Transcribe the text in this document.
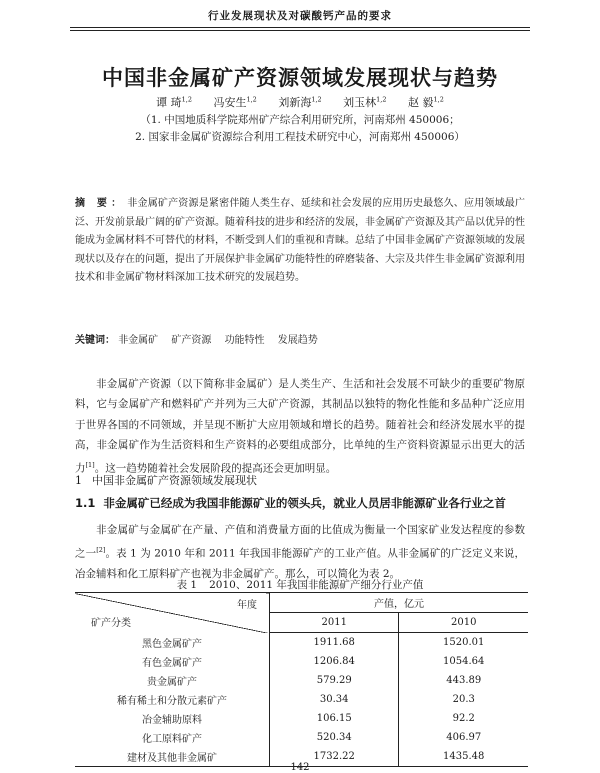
行业发展现状及对碳酸钙产品的要求
中国非金属矿产资源领域发展现状与趋势
谭 琦$^{1,2}$ 冯安生$^{1,2}$ 刘新海$^{1,2}$ 刘玉林$^{1,2}$ 赵 毅$^{1,2}$
（1. 中国地质科学院郑州矿产综合利用研究所，河南郑州 450006；
2. 国家非金属矿资源综合利用工程技术研究中心，河南郑州 450006）
摘 要： 非金属矿产资源是紧密伴随人类生存、延续和社会发展的应用历史最悠久、应用领域最广泛、开发前景最广阔的矿产资源。随着科技的进步和经济的发展，非金属矿产资源及其产品以优异的性能成为金属材料不可替代的材料，不断受到人们的重视和青睐。总结了中国非金属矿产资源领域的发展现状以及存在的问题，提出了开展保护非金属矿功能特性的碎磨装备、大宗及共伴生非金属矿资源利用技术和非金属矿物材料深加工技术研究的发展趋势。
关键词： 非金属矿 矿产资源 功能特性 发展趋势
非金属矿产资源（以下简称非金属矿）是人类生产、生活和社会发展不可缺少的重要矿物原料，它与金属矿产和燃料矿产并列为三大矿产资源，其制品以独特的物化性能和多品种广泛应用于世界各国的不同领域，并呈现不断扩大应用领域和增长的趋势。随着社会和经济发展水平的提高，非金属矿作为生活资料和生产资料的必要组成部分，比单纯的生产资料资源显示出更大的活力[1]。这一趋势随着社会发展阶段的提高还会更加明显。
1 中国非金属矿产资源领域发展现状
1.1 非金属矿已经成为我国非能源矿业的领头兵，就业人员居非能源矿业各行业之首
非金属矿与金属矿在产量、产值和消费量方面的比值成为衡量一个国家矿业发达程度的参数之一[2]。表 1 为 2010 年和 2011 年我国非能源矿产的工业产值。从非金属矿的广泛定义来说，冶金辅料和化工原料矿产也视为非金属矿产。那么，可以简化为表 2。
表 1 2010、2011 年我国非能源矿产细分行业产值
年度
矿产分类	产值，亿元	
	2011	2010
黑色金属矿产	1911.68	1520.01
有色金属矿产	1206.84	1054.64
贵金属矿产	579.29	443.89
稀有稀土和分散元素矿产	30.34	20.3
冶金辅助原料	106.15	92.2
化工原料矿产	520.34	406.97
建材及其他非金属矿	1732.22	1435.48
142
